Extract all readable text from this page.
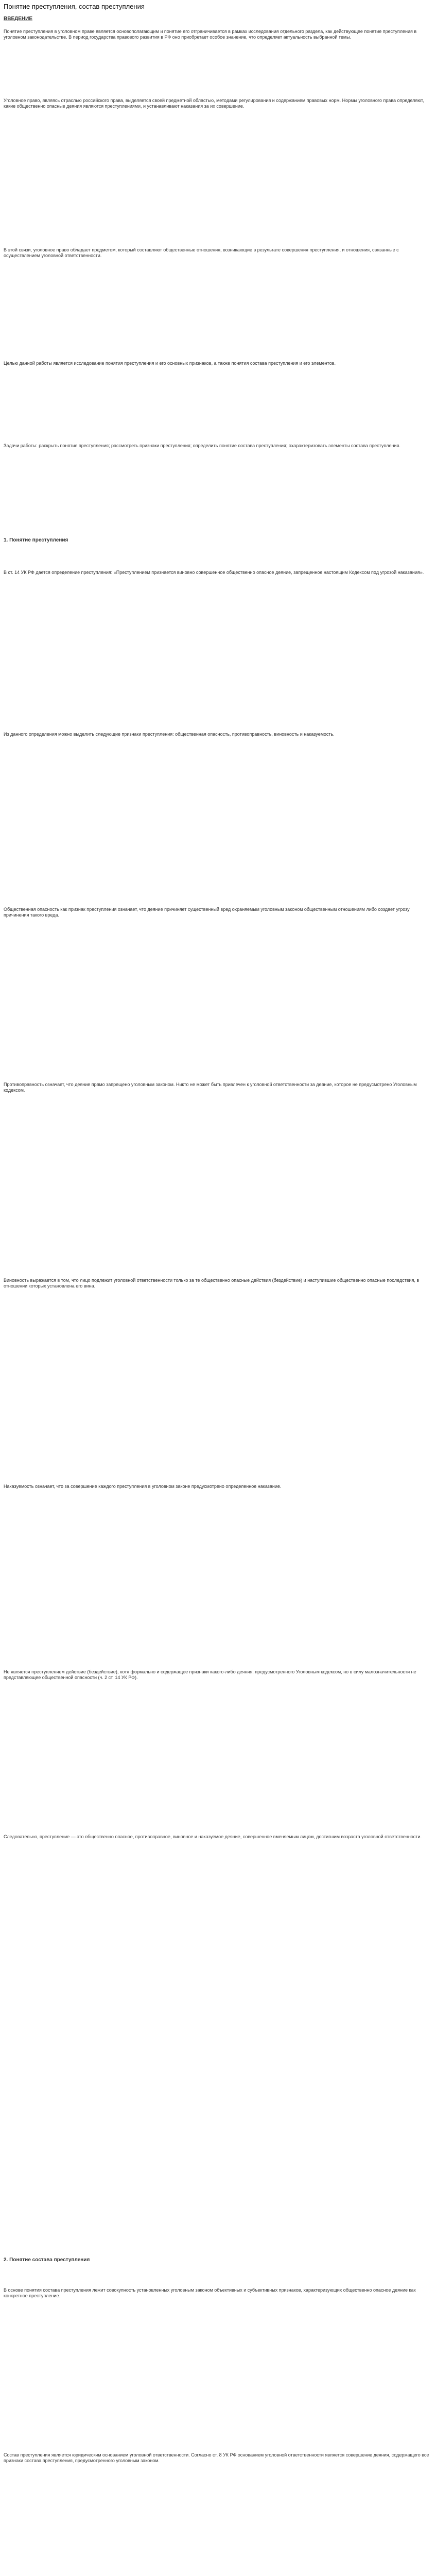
Понятие преступления, состав преступления
ВВЕДЕНИЕ

Понятие преступления в уголовном праве является основополагающим и понятие его отграничивается в рамках исследования отдельного раздела, как действующее понятие преступления в уголовном законодательстве. В период государства правового развития в РФ оно приобретает особое значение, что определяет актуальность выбранной темы.

Уголовное право, являясь отраслью российского права, выделяется своей предметной областью, методами регулирования и содержанием правовых норм. Нормы уголовного права определяют, какие общественно опасные деяния являются преступлениями, и устанавливают наказания за их совершение.

В этой связи, уголовное право обладает предметом, который составляют общественные отношения, возникающие в результате совершения преступления, и отношения, связанные с осуществлением уголовной ответственности.

Целью данной работы является исследование понятия преступления и его основных признаков, а также понятия состава преступления и его элементов.

Задачи работы: раскрыть понятие преступления; рассмотреть признаки преступления; определить понятие состава преступления; охарактеризовать элементы состава преступления.

1. Понятие преступления

В ст. 14 УК РФ дается определение преступления: «Преступлением признается виновно совершенное общественно опасное деяние, запрещенное настоящим Кодексом под угрозой наказания».

Из данного определения можно выделить следующие признаки преступления: общественная опасность, противоправность, виновность и наказуемость.

Общественная опасность как признак преступления означает, что деяние причиняет существенный вред охраняемым уголовным законом общественным отношениям либо создает угрозу причинения такого вреда.

Противоправность означает, что деяние прямо запрещено уголовным законом. Никто не может быть привлечен к уголовной ответственности за деяние, которое не предусмотрено Уголовным кодексом.

Виновность выражается в том, что лицо подлежит уголовной ответственности только за те общественно опасные действия (бездействие) и наступившие общественно опасные последствия, в отношении которых установлена его вина.

Наказуемость означает, что за совершение каждого преступления в уголовном законе предусмотрено определенное наказание.

Не является преступлением действие (бездействие), хотя формально и содержащее признаки какого-либо деяния, предусмотренного Уголовным кодексом, но в силу малозначительности не представляющее общественной опасности (ч. 2 ст. 14 УК РФ).

Следовательно, преступление — это общественно опасное, противоправное, виновное и наказуемое деяние, совершенное вменяемым лицом, достигшим возраста уголовной ответственности.

2. Понятие состава преступления

В основе понятия состава преступления лежит совокупность установленных уголовным законом объективных и субъективных признаков, характеризующих общественно опасное деяние как конкретное преступление.

Состав преступления является юридическим основанием уголовной ответственности. Согласно ст. 8 УК РФ основанием уголовной ответственности является совершение деяния, содержащего все признаки состава преступления, предусмотренного уголовным законом.
